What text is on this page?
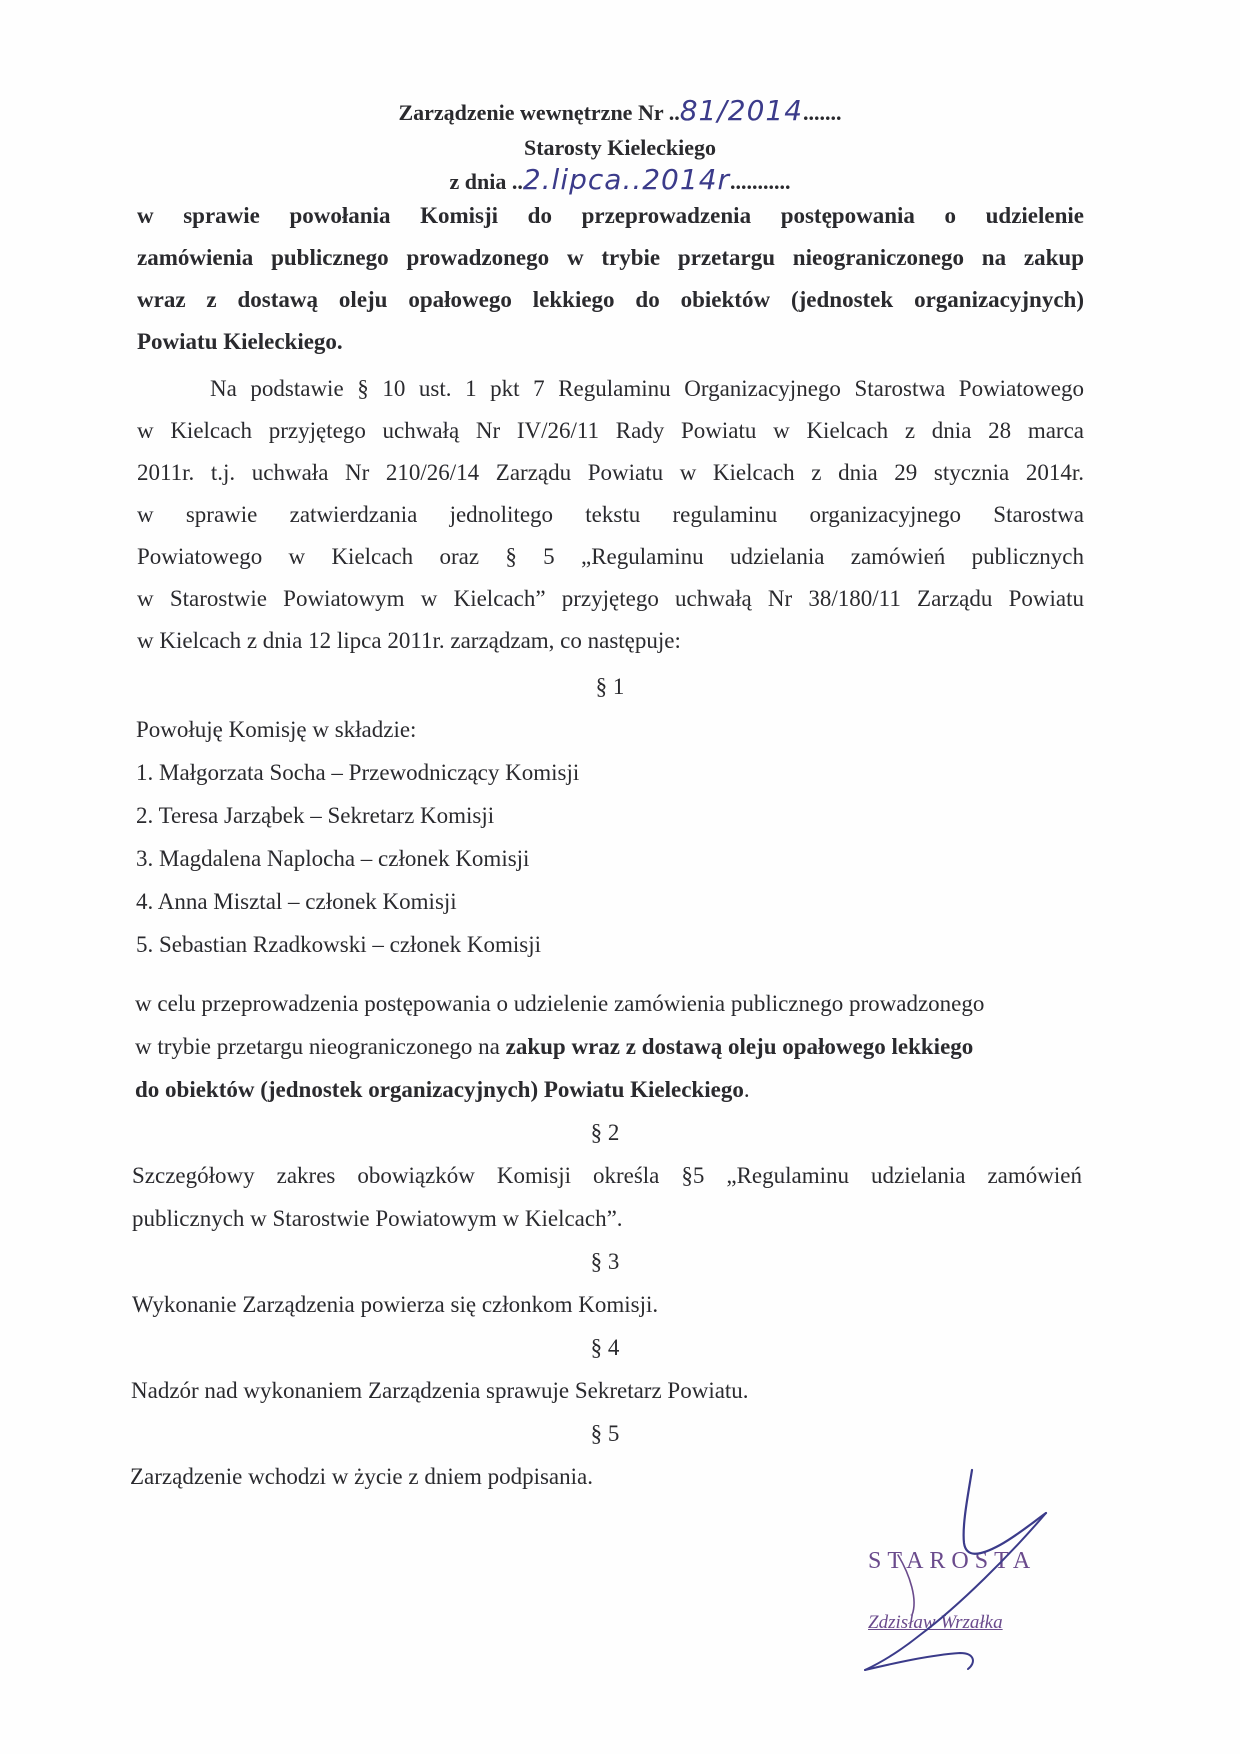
Zarządzenie wewnętrzne Nr ..81/2014.......
Starosty Kieleckiego
z dnia ..2.lipca..2014r...........
w sprawie powołania Komisji do przeprowadzenia postępowania o udzielenie
zamówienia publicznego prowadzonego w trybie przetargu nieograniczonego na zakup
wraz z dostawą oleju opałowego lekkiego do obiektów (jednostek organizacyjnych)
Powiatu Kieleckiego.
Na podstawie § 10 ust. 1 pkt 7 Regulaminu Organizacyjnego Starostwa Powiatowego
w Kielcach przyjętego uchwałą Nr IV/26/11 Rady Powiatu w Kielcach z dnia 28 marca
2011r. t.j. uchwała Nr 210/26/14 Zarządu Powiatu w Kielcach z dnia 29 stycznia 2014r.
w sprawie zatwierdzania jednolitego tekstu regulaminu organizacyjnego Starostwa
Powiatowego w Kielcach oraz § 5 „Regulaminu udzielania zamówień publicznych
w Starostwie Powiatowym w Kielcach” przyjętego uchwałą Nr 38/180/11 Zarządu Powiatu
w Kielcach z dnia 12 lipca 2011r. zarządzam, co następuje:
§ 1
Powołuję Komisję w składzie:
1. Małgorzata Socha – Przewodniczący Komisji
2. Teresa Jarząbek – Sekretarz Komisji
3. Magdalena Naplocha – członek Komisji
4. Anna Misztal – członek Komisji
5. Sebastian Rzadkowski – członek Komisji
w celu przeprowadzenia postępowania o udzielenie zamówienia publicznego prowadzonego
w trybie przetargu nieograniczonego na zakup wraz z dostawą oleju opałowego lekkiego
do obiektów (jednostek organizacyjnych) Powiatu Kieleckiego.
§ 2
Szczegółowy zakres obowiązków Komisji określa §5 „Regulaminu udzielania zamówień
publicznych w Starostwie Powiatowym w Kielcach”.
§ 3
Wykonanie Zarządzenia powierza się członkom Komisji.
§ 4
Nadzór nad wykonaniem Zarządzenia sprawuje Sekretarz Powiatu.
§ 5
Zarządzenie wchodzi w życie z dniem podpisania.
STAROSTA
Zdzisław Wrzałka
